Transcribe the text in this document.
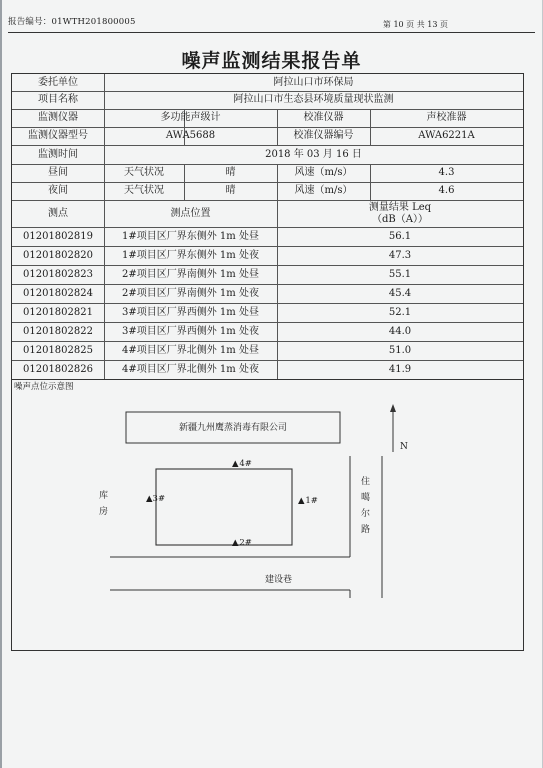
报告编号：01WTH201800005	第 10 页 共 13 页
噪声监测结果报告单
委托单位	阿拉山口市环保局
项目名称	阿拉山口市生态县环境质量现状监测
监测仪器	多功能声级计	校准仪器	声校准器
监测仪器型号	AWA5688	校准仪器编号	AWA6221A
监测时间	2018 年 03 月 16 日
昼间	天气状况	晴	风速（m/s）	4.3
夜间	天气状况	晴	风速（m/s）	4.6
测点	测点位置
测量结果 Leq
（dB（A））
01201802819	1#项目区厂界东侧外 1m 处昼	56.1
01201802820	1#项目区厂界东侧外 1m 处夜	47.3
01201802823	2#项目区厂界南侧外 1m 处昼	55.1
01201802824	2#项目区厂界南侧外 1m 处夜	45.4
01201802821	3#项目区厂界西侧外 1m 处昼	52.1
01201802822	3#项目区厂界西侧外 1m 处夜	44.0
01201802825	4#项目区厂界北侧外 1m 处昼	51.0
01201802826	4#项目区厂界北侧外 1m 处夜	41.9
噪声点位示意图
新疆九州鹰蒸消毒有限公司
▲ 4#
▲3#	▲ 1#
▲ 2#
库房
住噶尔路
建设巷
N
